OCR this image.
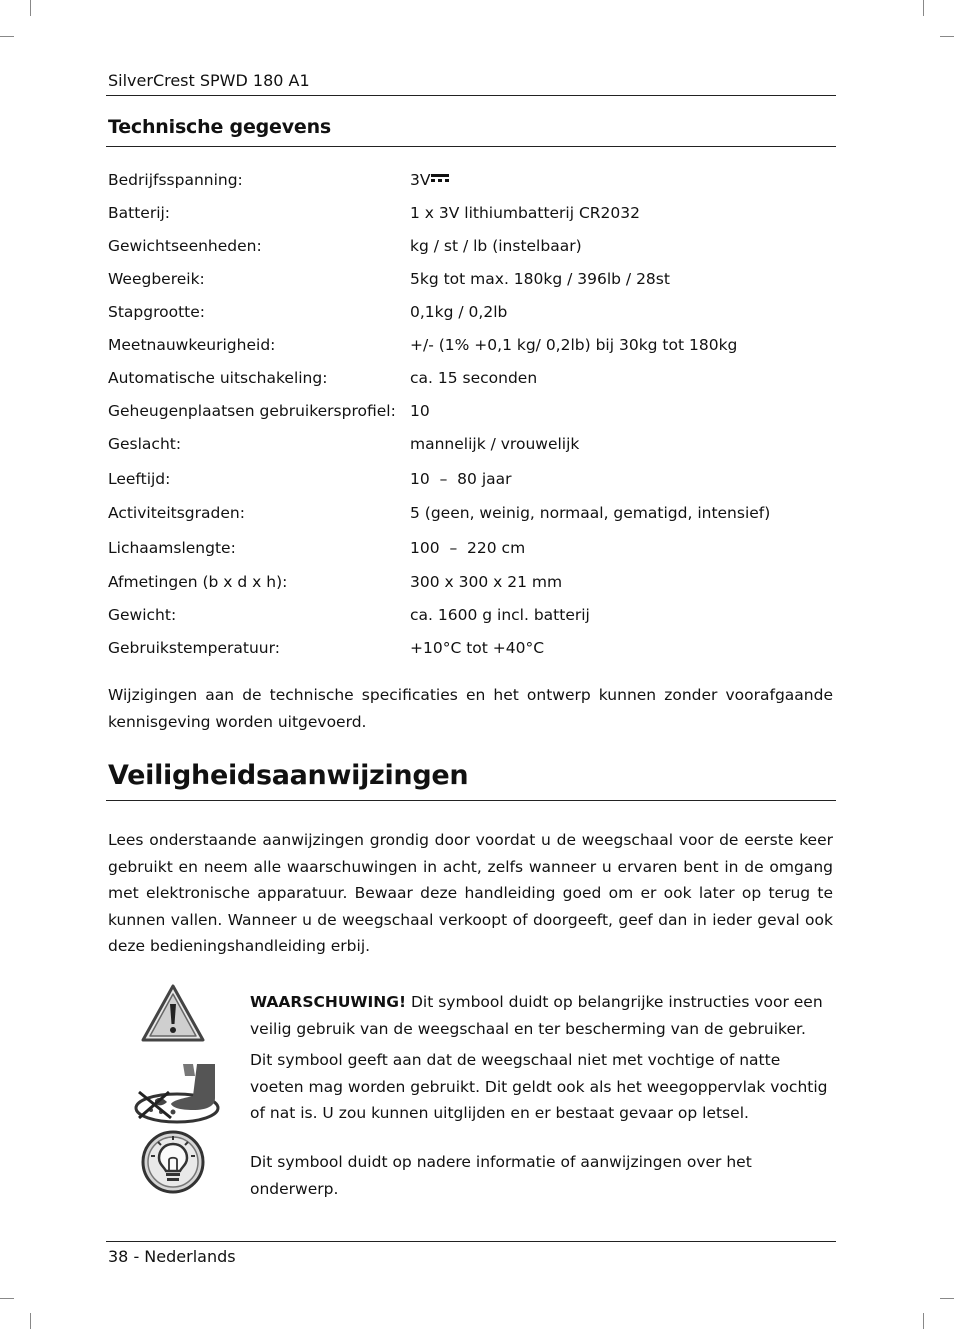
SilverCrest SPWD 180 A1
Technische gegevens
Bedrijfsspanning:	3V
Batterij:	1 x 3V lithiumbatterij CR2032
Gewichtseenheden:	kg / st / lb (instelbaar)
Weegbereik:	5kg tot max. 180kg / 396lb / 28st
Stapgrootte:	0,1kg / 0,2lb
Meetnauwkeurigheid:	+/- (1% +0,1 kg/ 0,2lb) bij 30kg tot 180kg
Automatische uitschakeling:	ca. 15 seconden
Geheugenplaatsen gebruikersprofiel: 10
Geslacht:	mannelijk / vrouwelijk
Leeftijd:	10  –  80 jaar
Activiteitsgraden:	5 (geen, weinig, normaal, gematigd, intensief)
Lichaamslengte:	100  –  220 cm
Afmetingen (b x d x h):	300 x 300 x 21 mm
Gewicht:	ca. 1600 g incl. batterij
Gebruikstemperatuur:	+10°C tot +40°C
Wijzigingen aan de technische specificaties en het ontwerp kunnen zonder voorafgaande kennisgeving worden uitgevoerd.
Veiligheidsaanwijzingen
Lees onderstaande aanwijzingen grondig door voordat u de weegschaal voor de eerste keer gebruikt en neem alle waarschuwingen in acht, zelfs wanneer u ervaren bent in de omgang met elektronische apparatuur. Bewaar deze handleiding goed om er ook later op terug te kunnen vallen. Wanneer u de weegschaal verkoopt of doorgeeft, geef dan in ieder geval ook deze bedieningshandleiding erbij.
WAARSCHUWING! Dit symbool duidt op belangrijke instructies voor een veilig gebruik van de weegschaal en ter bescherming van de gebruiker.
Dit symbool geeft aan dat de weegschaal niet met vochtige of natte voeten mag worden gebruikt. Dit geldt ook als het weegoppervlak vochtig of nat is. U zou kunnen uitglijden en er bestaat gevaar op letsel.
Dit symbool duidt op nadere informatie of aanwijzingen over het onderwerp.
38 - Nederlands
